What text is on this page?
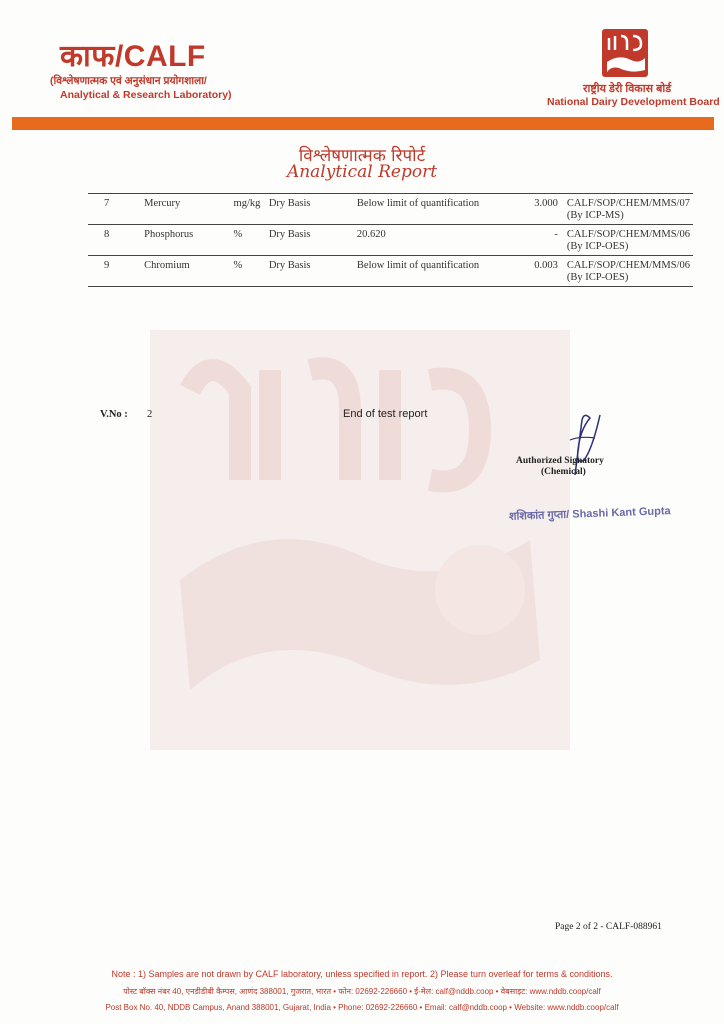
काफ/CALF
(विश्लेषणात्मक एवं अनुसंधान प्रयोगशाला/
Analytical & Research Laboratory)	राष्ट्रीय डेरी विकास बोर्ड
National Dairy Development Board
विश्लेषणात्मक रिपोर्ट
Analytical Report
7	Mercury	mg/kg	Dry Basis	Below limit of quantification	3.000	CALF/SOP/CHEM/MMS/07 (By ICP-MS)
8	Phosphorus	%	Dry Basis	20.620	-	CALF/SOP/CHEM/MMS/06 (By ICP-OES)
9	Chromium	%	Dry Basis	Below limit of quantification	0.003	CALF/SOP/CHEM/MMS/06 (By ICP-OES)
V.No : 2	End of test report
Authorized Signatory
(Chemical)
शशिकांत गुप्ता/ Shashi Kant Gupta
Page 2 of 2 - CALF-088961
Note : 1) Samples are not drawn by CALF laboratory, unless specified in report. 2) Please turn overleaf for terms & conditions.
पोस्ट बॉक्स नंबर 40, एनडीडीबी कैम्पस, आणंद 388001, गुजरात, भारत • फोन: 02692-226660 • ई-मेल: calf@nddb.coop • वेबसाइट: www.nddb.coop/calf
Post Box No. 40, NDDB Campus, Anand 388001, Gujarat, India • Phone: 02692-226660 • Email: calf@nddb.coop • Website: www.nddb.coop/calf
